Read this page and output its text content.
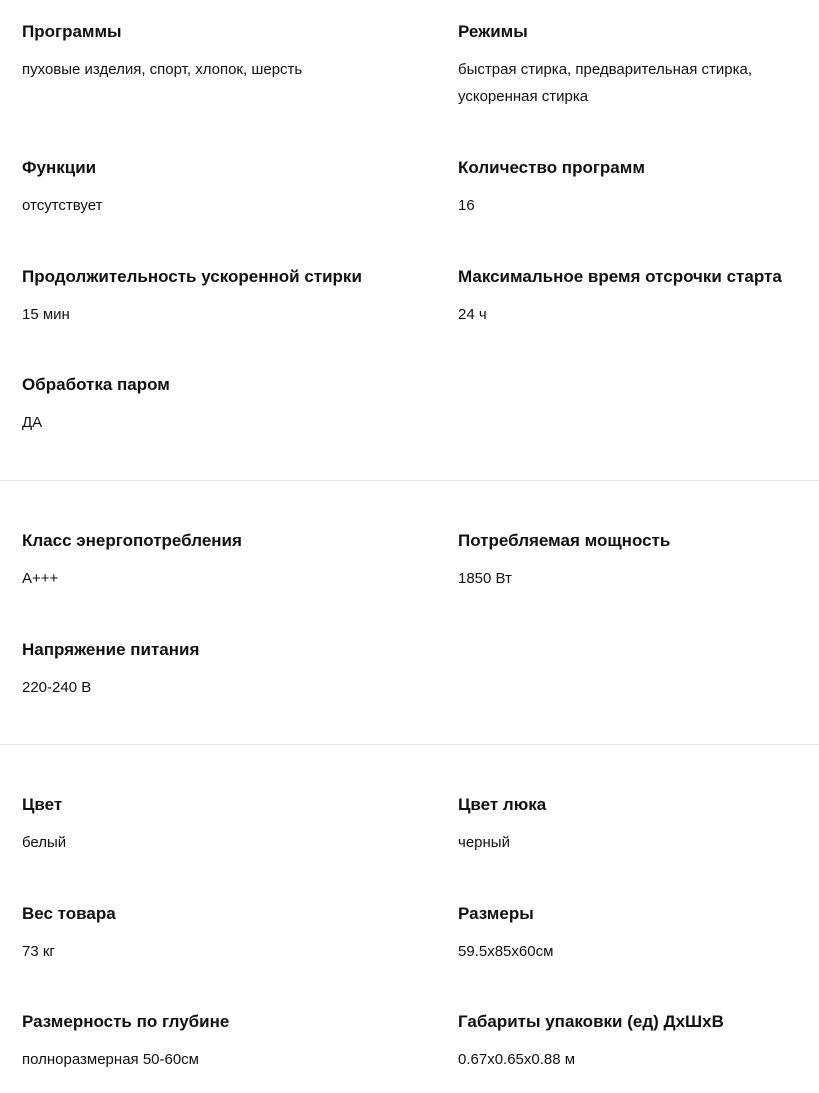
Программы
пуховые изделия, спорт, хлопок, шерсть
Режимы
быстрая стирка, предварительная стирка, ускоренная стирка
Функции
отсутствует
Количество программ
16
Продолжительность ускоренной стирки
15 мин
Максимальное время отсрочки старта
24 ч
Обработка паром
ДА
Класс энергопотребления
A+++
Потребляемая мощность
1850 Вт
Напряжение питания
220-240 В
Цвет
белый
Цвет люка
черный
Вес товара
73 кг
Размеры
59.5x85x60см
Размерность по глубине
полноразмерная 50-60см
Габариты упаковки (ед) ДxШxВ
0.67x0.65x0.88 м
